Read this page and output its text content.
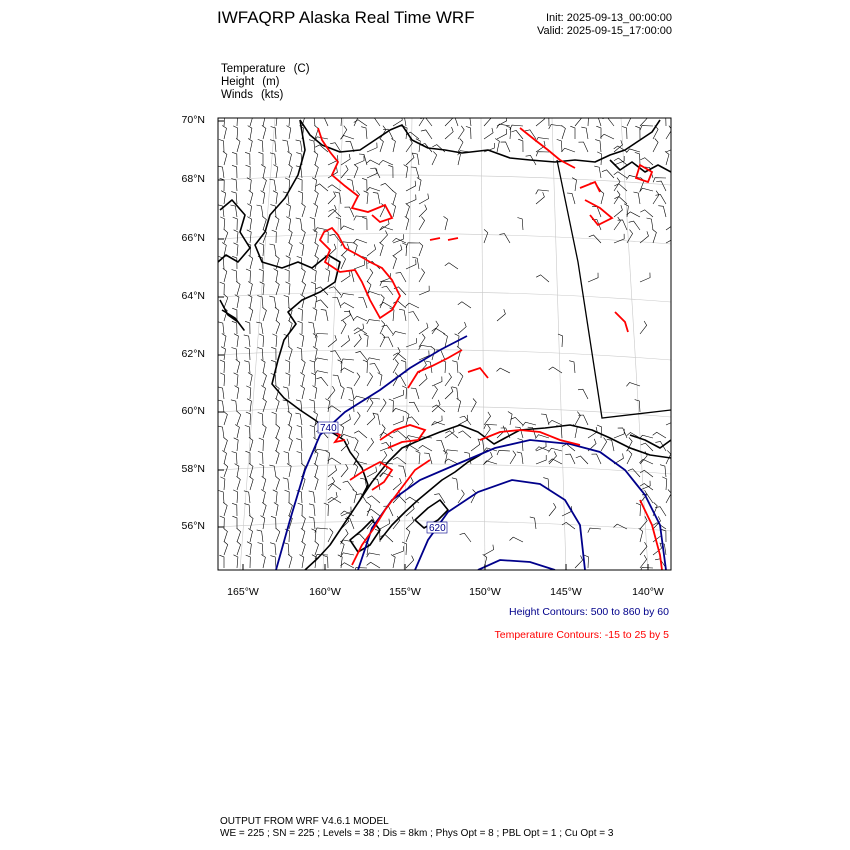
740
620
IWFAQRP Alaska Real Time WRF	Init: 2025-09-13_00:00:00
Valid: 2025-09-15_17:00:00
Temperature (C)
Height (m)
Winds (kts)
70°N
68°N
66°N
64°N
62°N
60°N
58°N
56°N
165°W	160°W	155°W	150°W	145°W	140°W
Height Contours: 500 to 860 by 60
Temperature Contours: -15 to 25 by 5
OUTPUT FROM WRF V4.6.1 MODEL
WE = 225 ; SN = 225 ; Levels = 38 ; Dis = 8km ; Phys Opt = 8 ; PBL Opt = 1 ; Cu Opt = 3
